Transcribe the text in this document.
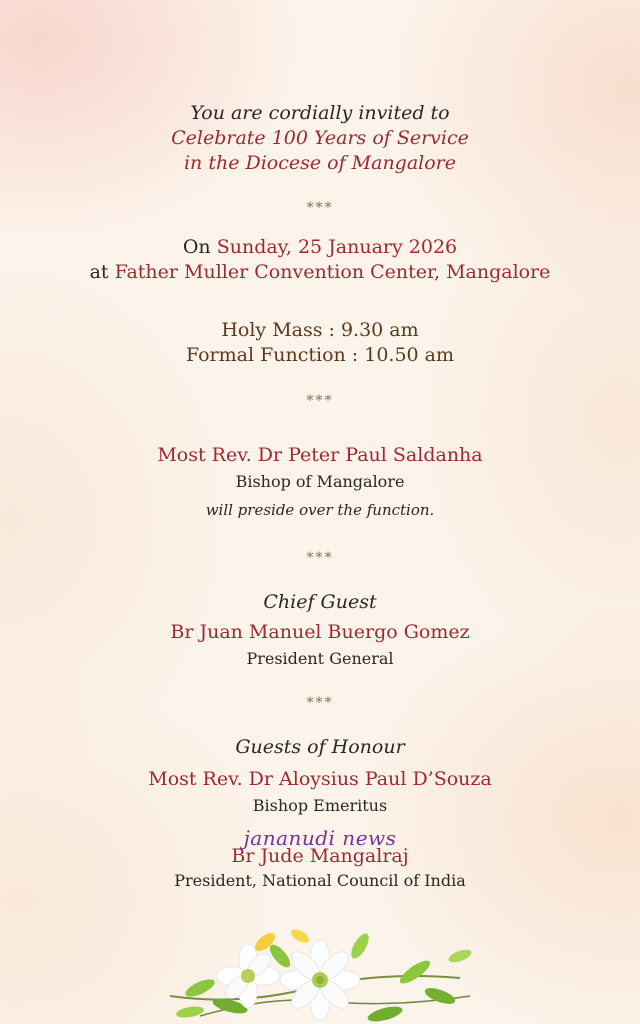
You are cordially invited to
Celebrate 100 Years of Service
in the Diocese of Mangalore
***
On Sunday, 25 January 2026
at Father Muller Convention Center, Mangalore
Holy Mass : 9.30 am
Formal Function : 10.50 am
***
Most Rev. Dr Peter Paul Saldanha
Bishop of Mangalore
will preside over the function.
***
Chief Guest
Br Juan Manuel Buergo Gomez
President General
***
Guests of Honour
Most Rev. Dr Aloysius Paul D’Souza
Bishop Emeritus
Br Jude Mangalraj
President, National Council of India
jananudi news
